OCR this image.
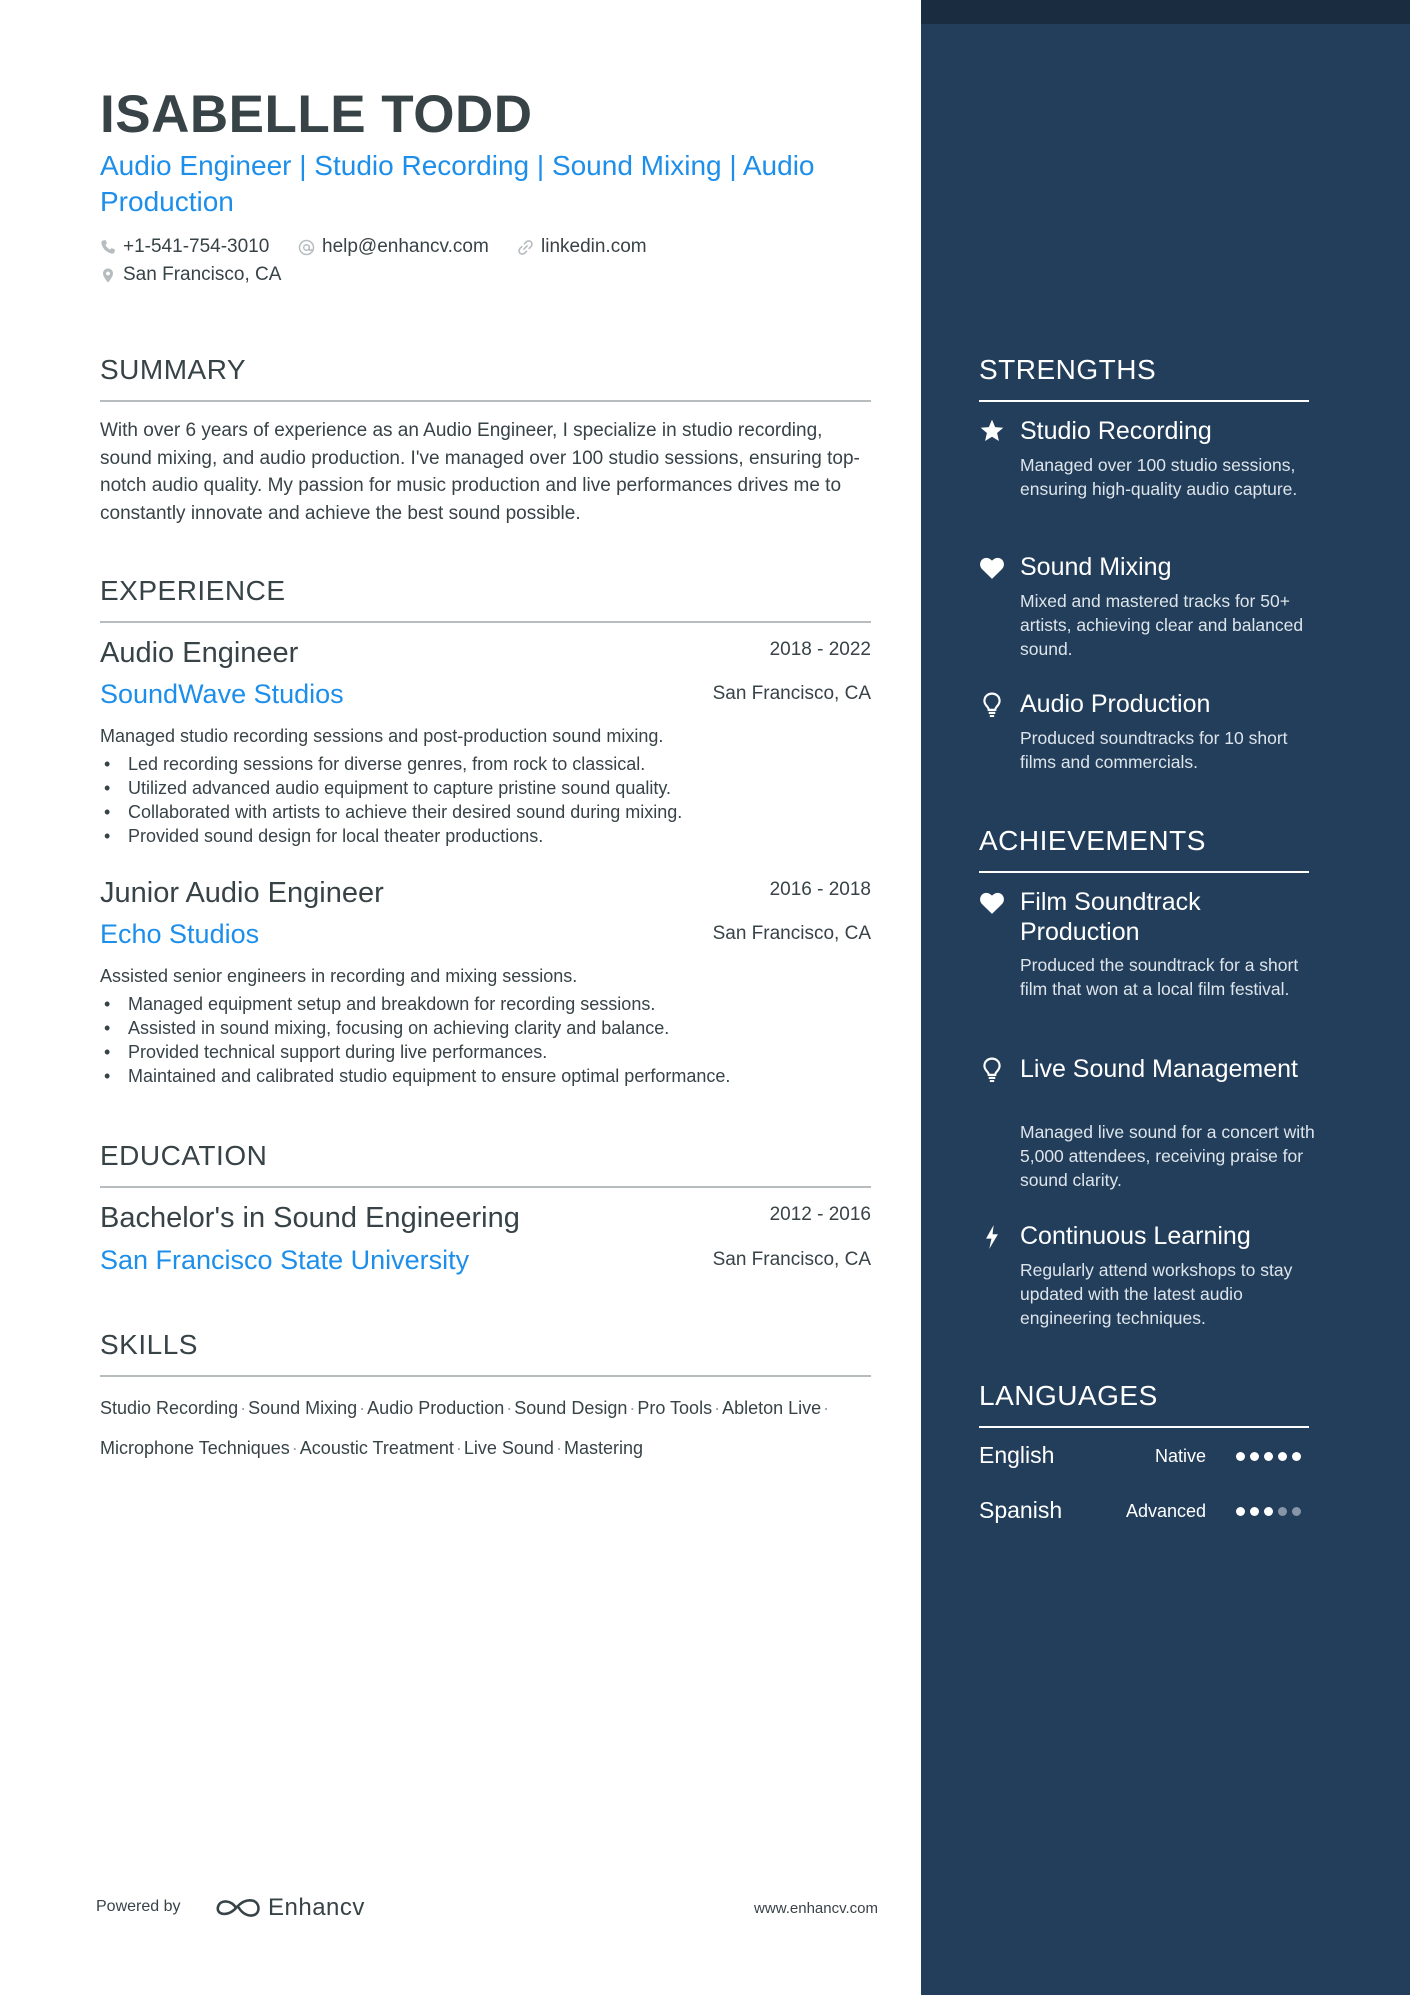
ISABELLE TODD
Audio Engineer | Studio Recording | Sound Mixing | Audio Production
+1-541-754-3010	help@enhancv.com	linkedin.com
San Francisco, CA
SUMMARY
With over 6 years of experience as an Audio Engineer, I specialize in studio recording, sound mixing, and audio production. I've managed over 100 studio sessions, ensuring top-notch audio quality. My passion for music production and live performances drives me to constantly innovate and achieve the best sound possible.
EXPERIENCE
Audio Engineer	2018 - 2022
SoundWave Studios	San Francisco, CA
Managed studio recording sessions and post-production sound mixing.
• Led recording sessions for diverse genres, from rock to classical.
• Utilized advanced audio equipment to capture pristine sound quality.
• Collaborated with artists to achieve their desired sound during mixing.
• Provided sound design for local theater productions.
Junior Audio Engineer	2016 - 2018
Echo Studios	San Francisco, CA
Assisted senior engineers in recording and mixing sessions.
• Managed equipment setup and breakdown for recording sessions.
• Assisted in sound mixing, focusing on achieving clarity and balance.
• Provided technical support during live performances.
• Maintained and calibrated studio equipment to ensure optimal performance.
EDUCATION
Bachelor's in Sound Engineering	2012 - 2016
San Francisco State University	San Francisco, CA
SKILLS
Studio Recording · Sound Mixing · Audio Production · Sound Design · Pro Tools · Ableton Live ·
Microphone Techniques · Acoustic Treatment · Live Sound · Mastering
Powered by	Enhancv	www.enhancv.com
STRENGTHS
Studio Recording
Managed over 100 studio sessions, ensuring high-quality audio capture.
Sound Mixing
Mixed and mastered tracks for 50+ artists, achieving clear and balanced sound.
Audio Production
Produced soundtracks for 10 short films and commercials.
ACHIEVEMENTS
Film Soundtrack Production
Produced the soundtrack for a short film that won at a local film festival.
Live Sound Management
Managed live sound for a concert with 5,000 attendees, receiving praise for sound clarity.
Continuous Learning
Regularly attend workshops to stay updated with the latest audio engineering techniques.
LANGUAGES
English	Native
Spanish	Advanced
